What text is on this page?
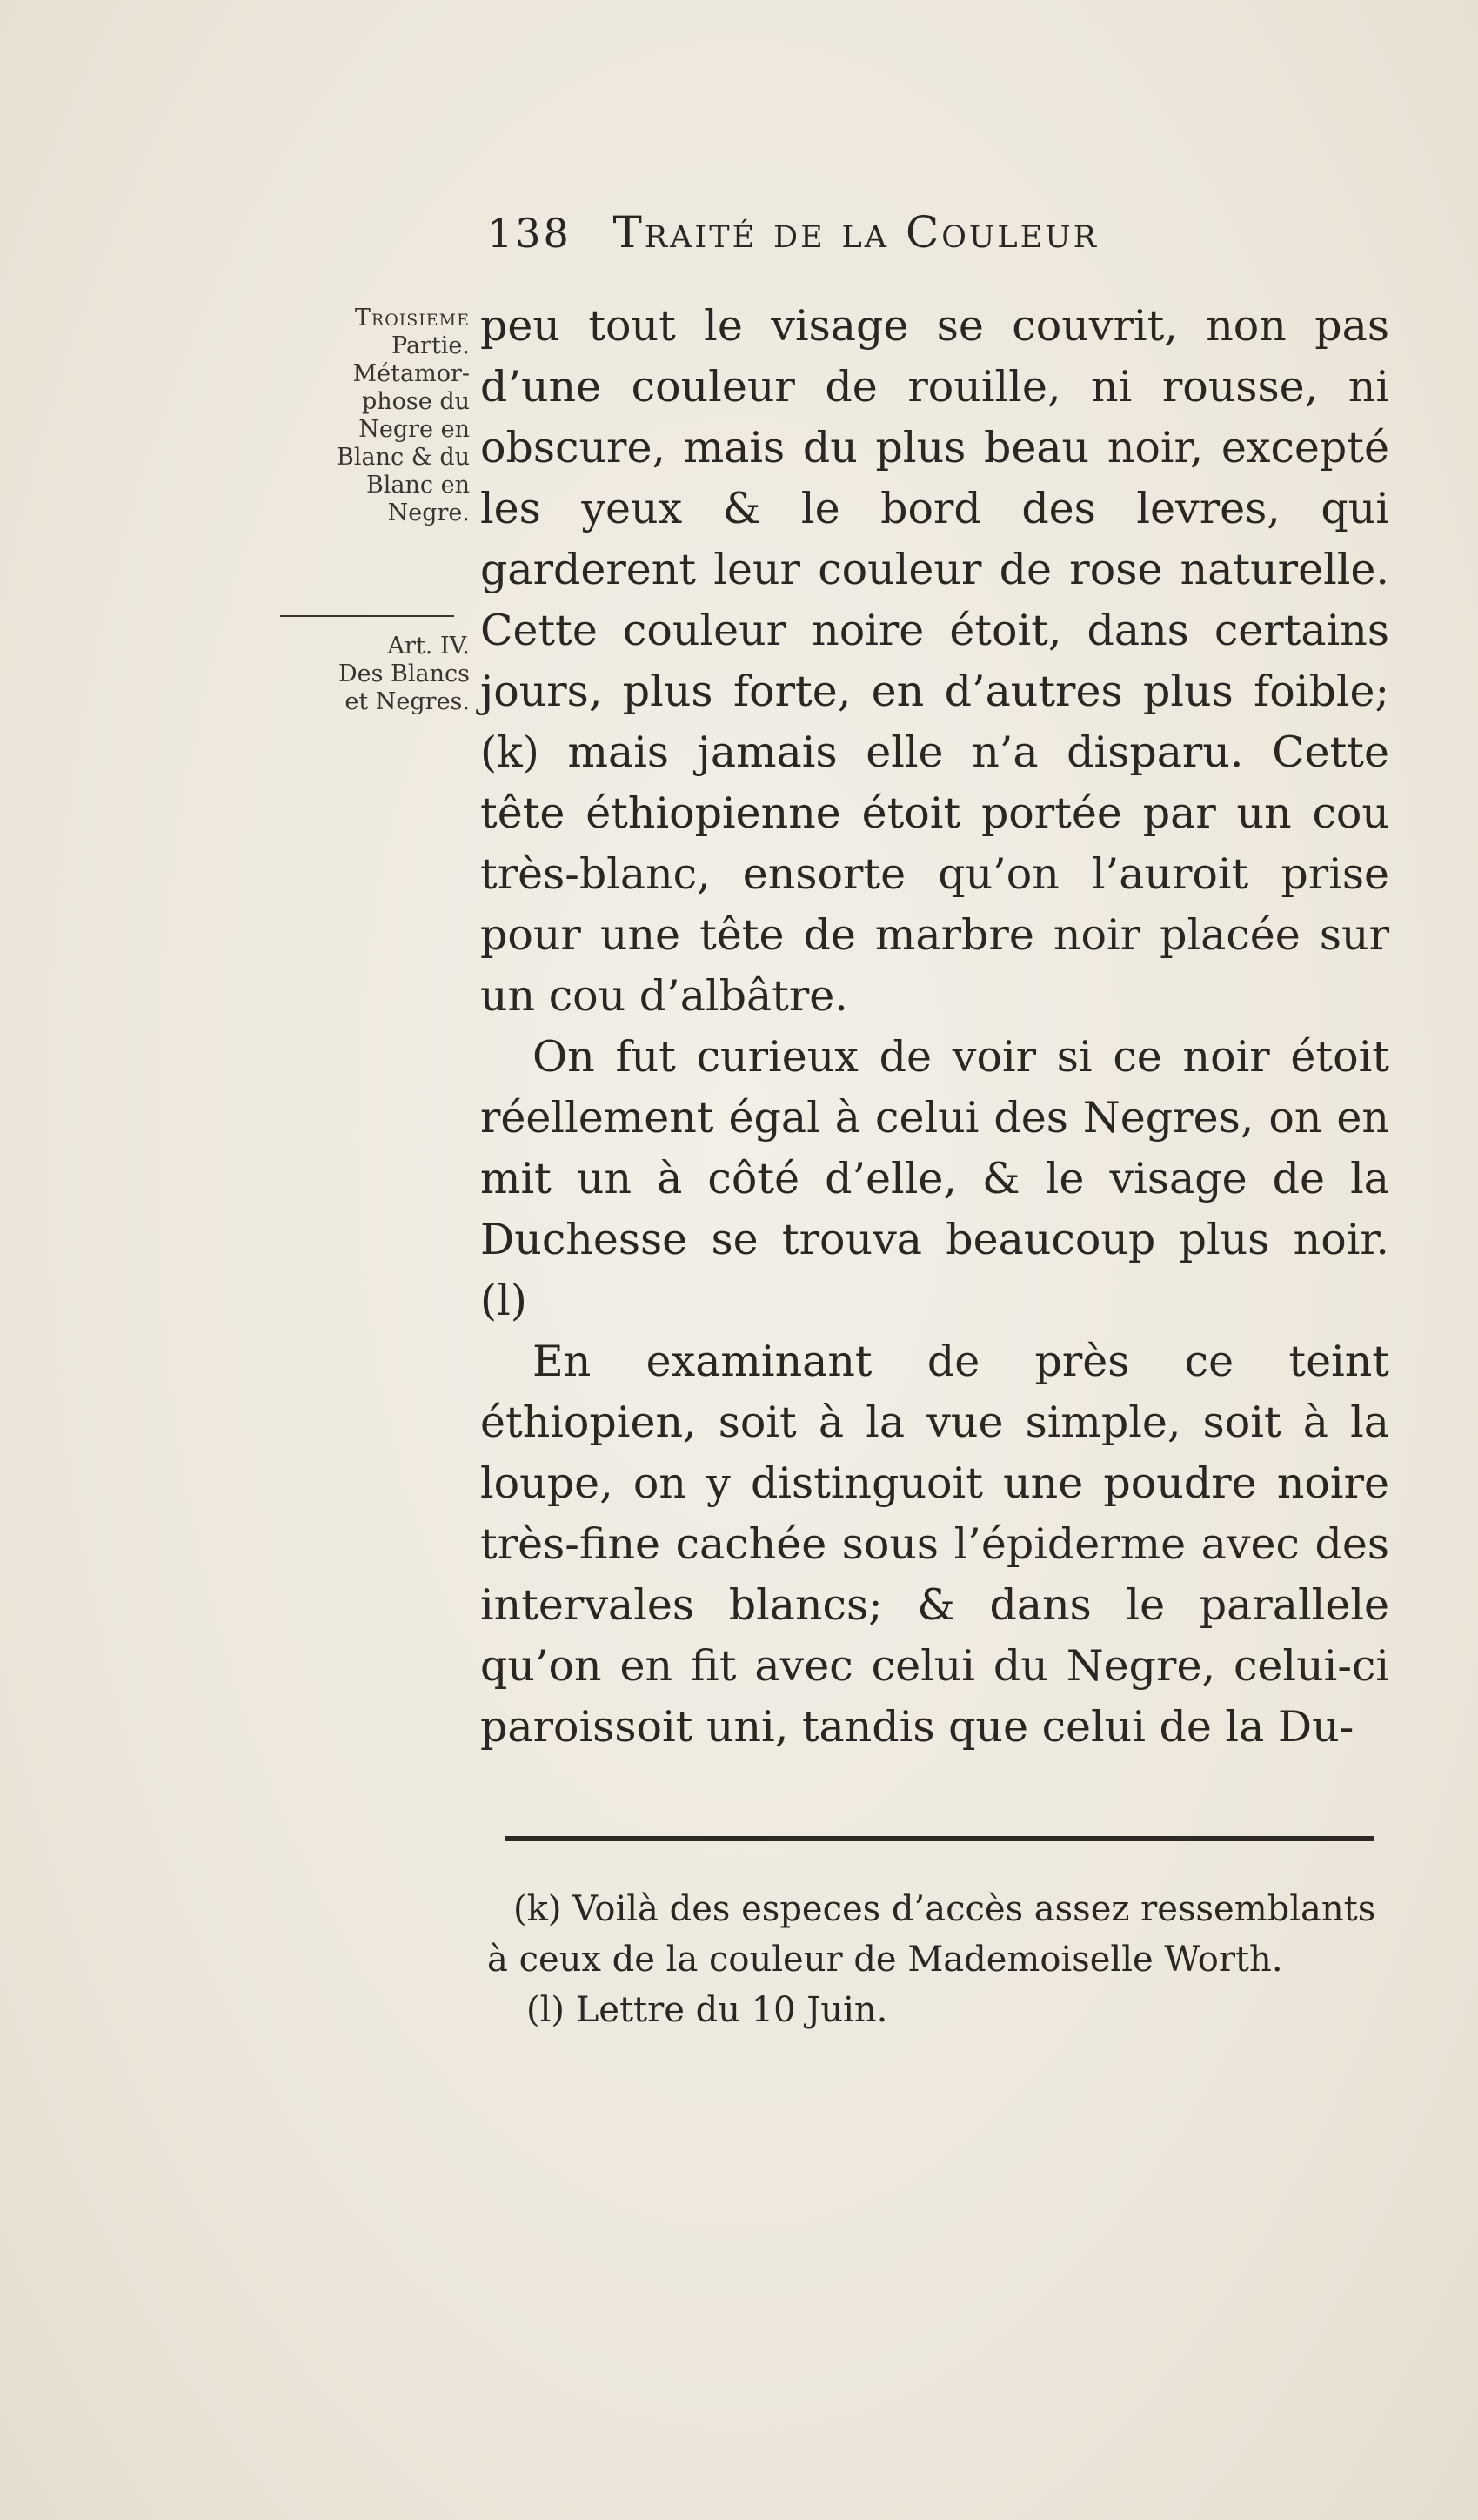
138 Traité de la Couleur
Troisieme
Partie.
Métamor-
phose du
Negre en
Blanc & du
Blanc en
Negre.
Art. IV.
Des Blancs
et Negres.

peu tout le visage se couvrit, non pas d’une couleur de rouille, ni rousse, ni obscure, mais du plus beau noir, excepté les yeux & le bord des levres, qui garderent leur couleur de rose naturelle. Cette couleur noire étoit, dans certains jours, plus forte, en d’autres plus foible; (k) mais jamais elle n’a disparu. Cette tête éthiopienne étoit portée par un cou très-blanc, ensorte qu’on l’auroit prise pour une tête de marbre noir placée sur un cou d’albâtre.

On fut curieux de voir si ce noir étoit réellement égal à celui des Negres, on en mit un à côté d’elle, & le visage de la Duchesse se trouva beaucoup plus noir. (l)

En examinant de près ce teint éthiopien, soit à la vue simple, soit à la loupe, on y distinguoit une poudre noire très-fine cachée sous l’épiderme avec des intervales blancs; & dans le parallele qu’on en fit avec celui du Negre, celui-ci paroissoit uni, tandis que celui de la Du-

(k) Voilà des especes d’accès assez ressemblants à ceux de la couleur de Mademoiselle Worth.

(l) Lettre du 10 Juin.
